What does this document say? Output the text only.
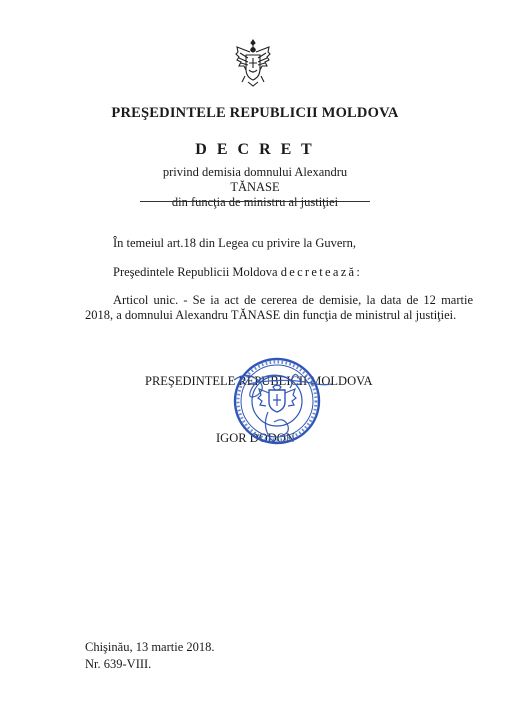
PREŞEDINTELE REPUBLICII MOLDOVA
D E C R E T
privind demisia domnului Alexandru TĂNASE
din funcţia de ministru al justiţiei
În temeiul art.18 din Legea cu privire la Guvern,
Preşedintele Republicii Moldova decretează:
Articol unic. - Se ia act de cererea de demisie, la data de 12 martie 2018, a domnului Alexandru TĂNASE din funcţia de ministrul al justiţiei.
PREŞEDINTELE REPUBLICII MOLDOVA
IGOR DODON
Chişinău, 13 martie 2018.
Nr. 639-VIII.
